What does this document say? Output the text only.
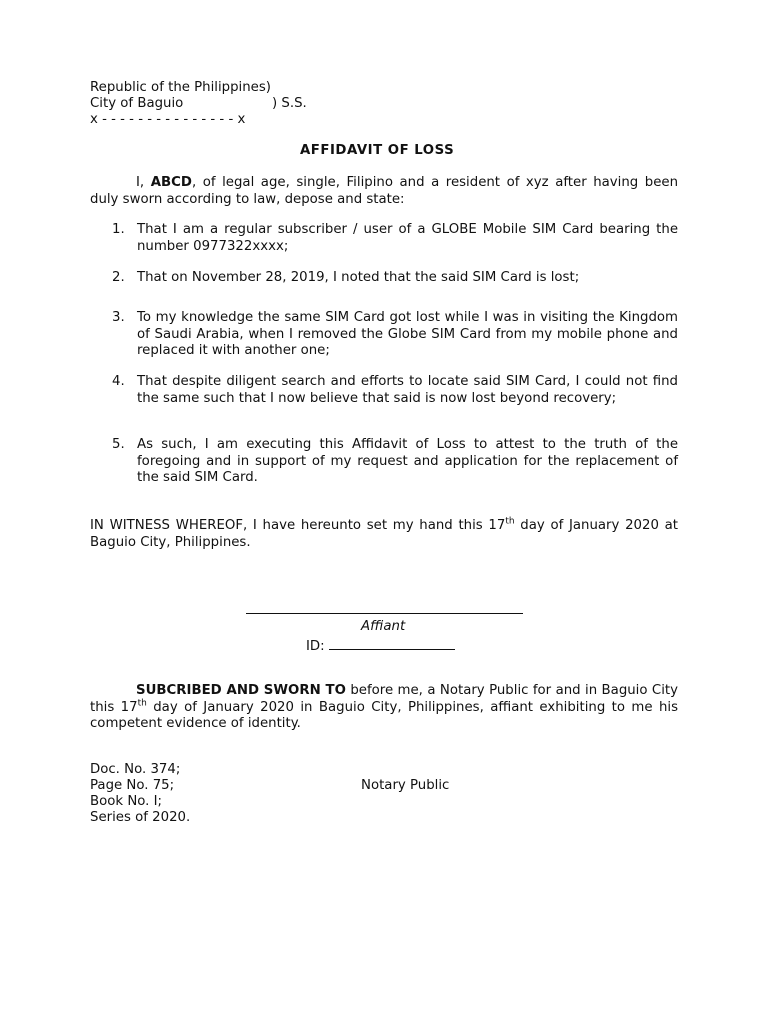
Republic of the Philippines)
City of Baguio	) S.S.
x - - - - - - - - - - - - - - - x
AFFIDAVIT OF LOSS
I, ABCD, of legal age, single, Filipino and a resident of xyz after having been duly sworn according to law, depose and state:
1. That I am a regular subscriber / user of a GLOBE Mobile SIM Card bearing the number 0977322xxxx;
2. That on November 28, 2019, I noted that the said SIM Card is lost;
3. To my knowledge the same SIM Card got lost while I was in visiting the Kingdom of Saudi Arabia, when I removed the Globe SIM Card from my mobile phone and replaced it with another one;
4. That despite diligent search and efforts to locate said SIM Card, I could not find the same such that I now believe that said is now lost beyond recovery;
5. As such, I am executing this Affidavit of Loss to attest to the truth of the foregoing and in support of my request and application for the replacement of the said SIM Card.
IN WITNESS WHEREOF, I have hereunto set my hand this 17th day of January 2020 at Baguio City, Philippines.
Affiant
ID:
SUBCRIBED AND SWORN TO before me, a Notary Public for and in Baguio City this 17th day of January 2020 in Baguio City, Philippines, affiant exhibiting to me his competent evidence of identity.
Doc. No. 374;
Page No. 75;	Notary Public
Book No. I;
Series of 2020.
